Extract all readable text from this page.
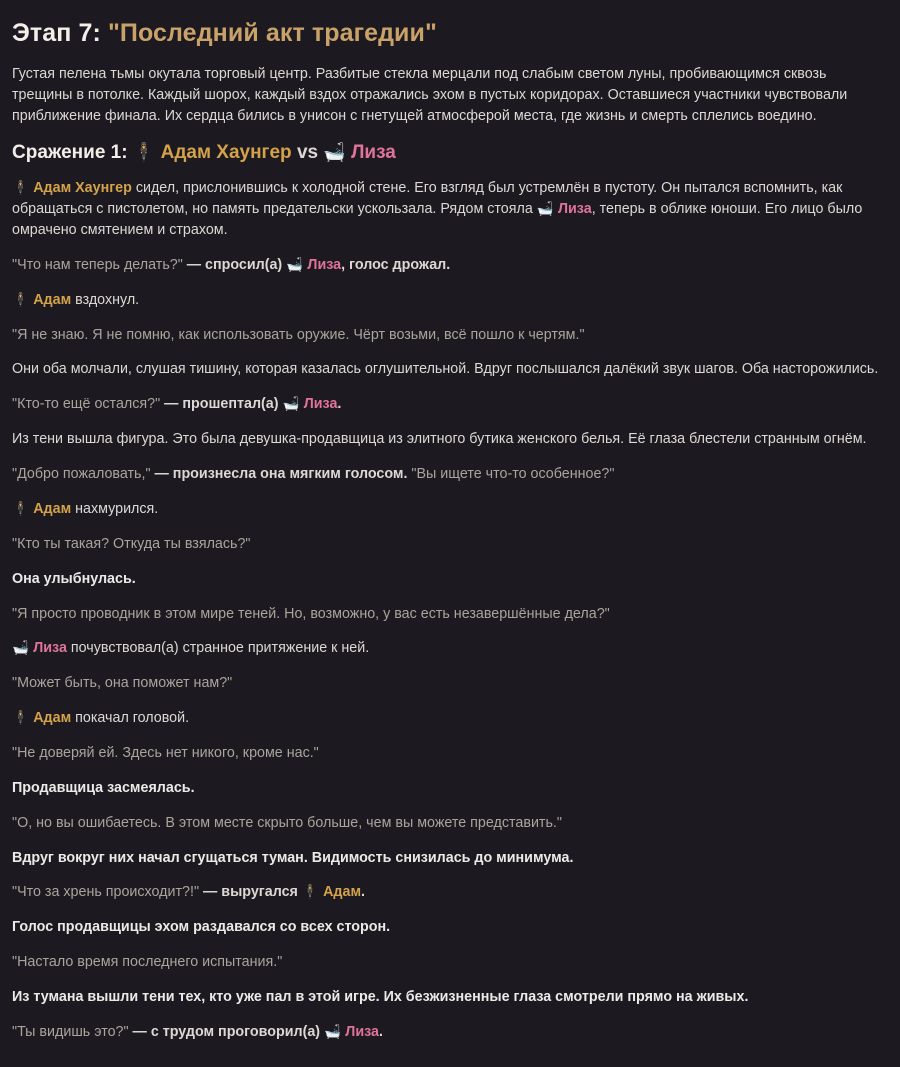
Этап 7: "Последний акт трагедии"

Густая пелена тьмы окутала торговый центр. Разбитые стекла мерцали под слабым светом луны, пробивающимся сквозь трещины в потолке. Каждый шорох, каждый вздох отражались эхом в пустых коридорах. Оставшиеся участники чувствовали приближение финала. Их сердца бились в унисон с гнетущей атмосферой места, где жизнь и смерть сплелись воедино.

Сражение 1: 🕴 Адам Хаунгер vs 🛁 Лиза

🕴 Адам Хаунгер сидел, прислонившись к холодной стене. Его взгляд был устремлён в пустоту. Он пытался вспомнить, как обращаться с пистолетом, но память предательски ускользала. Рядом стояла 🛁 Лиза, теперь в облике юноши. Его лицо было омрачено смятением и страхом.

"Что нам теперь делать?" — спросил(а) 🛁 Лиза, голос дрожал.

🕴 Адам вздохнул.

"Я не знаю. Я не помню, как использовать оружие. Чёрт возьми, всё пошло к чертям."

Они оба молчали, слушая тишину, которая казалась оглушительной. Вдруг послышался далёкий звук шагов. Оба насторожились.

"Кто-то ещё остался?" — прошептал(а) 🛁 Лиза.

Из тени вышла фигура. Это была девушка-продавщица из элитного бутика женского белья. Её глаза блестели странным огнём.

"Добро пожаловать," — произнесла она мягким голосом. "Вы ищете что-то особенное?"

🕴 Адам нахмурился.

"Кто ты такая? Откуда ты взялась?"

Она улыбнулась.

"Я просто проводник в этом мире теней. Но, возможно, у вас есть незавершённые дела?"

🛁 Лиза почувствовал(а) странное притяжение к ней.

"Может быть, она поможет нам?"

🕴 Адам покачал головой.

"Не доверяй ей. Здесь нет никого, кроме нас."

Продавщица засмеялась.

"О, но вы ошибаетесь. В этом месте скрыто больше, чем вы можете представить."

Вдруг вокруг них начал сгущаться туман. Видимость снизилась до минимума.

"Что за хрень происходит?!" — выругался 🕴 Адам.

Голос продавщицы эхом раздавался со всех сторон.

"Настало время последнего испытания."

Из тумана вышли тени тех, кто уже пал в этой игре. Их безжизненные глаза смотрели прямо на живых.

"Ты видишь это?" — с трудом проговорил(а) 🛁 Лиза.
